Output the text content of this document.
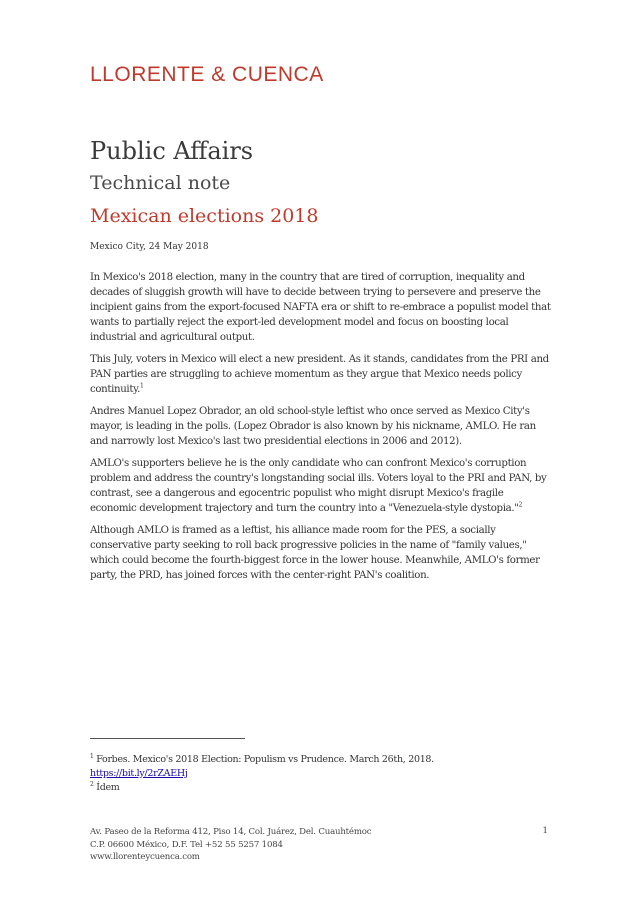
LLORENTE & CUENCA
Public Affairs
Technical note
Mexican elections 2018

Mexico City, 24 May 2018

In Mexico's 2018 election, many in the country that are tired of corruption, inequality and decades of sluggish growth will have to decide between trying to persevere and preserve the incipient gains from the export-focused NAFTA era or shift to re-embrace a populist model that wants to partially reject the export-led development model and focus on boosting local industrial and agricultural output.

This July, voters in Mexico will elect a new president. As it stands, candidates from the PRI and PAN parties are struggling to achieve momentum as they argue that Mexico needs policy continuity.$^1$

Andres Manuel Lopez Obrador, an old school-style leftist who once served as Mexico City's mayor, is leading in the polls. (Lopez Obrador is also known by his nickname, AMLO. He ran and narrowly lost Mexico's last two presidential elections in 2006 and 2012).

AMLO's supporters believe he is the only candidate who can confront Mexico's corruption problem and address the country's longstanding social ills. Voters loyal to the PRI and PAN, by contrast, see a dangerous and egocentric populist who might disrupt Mexico's fragile economic development trajectory and turn the country into a "Venezuela-style dystopia."$^2$

Although AMLO is framed as a leftist, his alliance made room for the PES, a socially conservative party seeking to roll back progressive policies in the name of "family values," which could become the fourth-biggest force in the lower house. Meanwhile, AMLO's former party, the PRD, has joined forces with the center-right PAN's coalition.

$^1$ Forbes. Mexico's 2018 Election: Populism vs Prudence. March 26th, 2018.
https://bit.ly/2rZAEHj
$^2$ Ídem
Av. Paseo de la Reforma 412, Piso 14, Col. Juárez, Del. Cuauhtémoc
C.P. 06600 México, D.F. Tel +52 55 5257 1084
www.llorenteycuenca.com
1
